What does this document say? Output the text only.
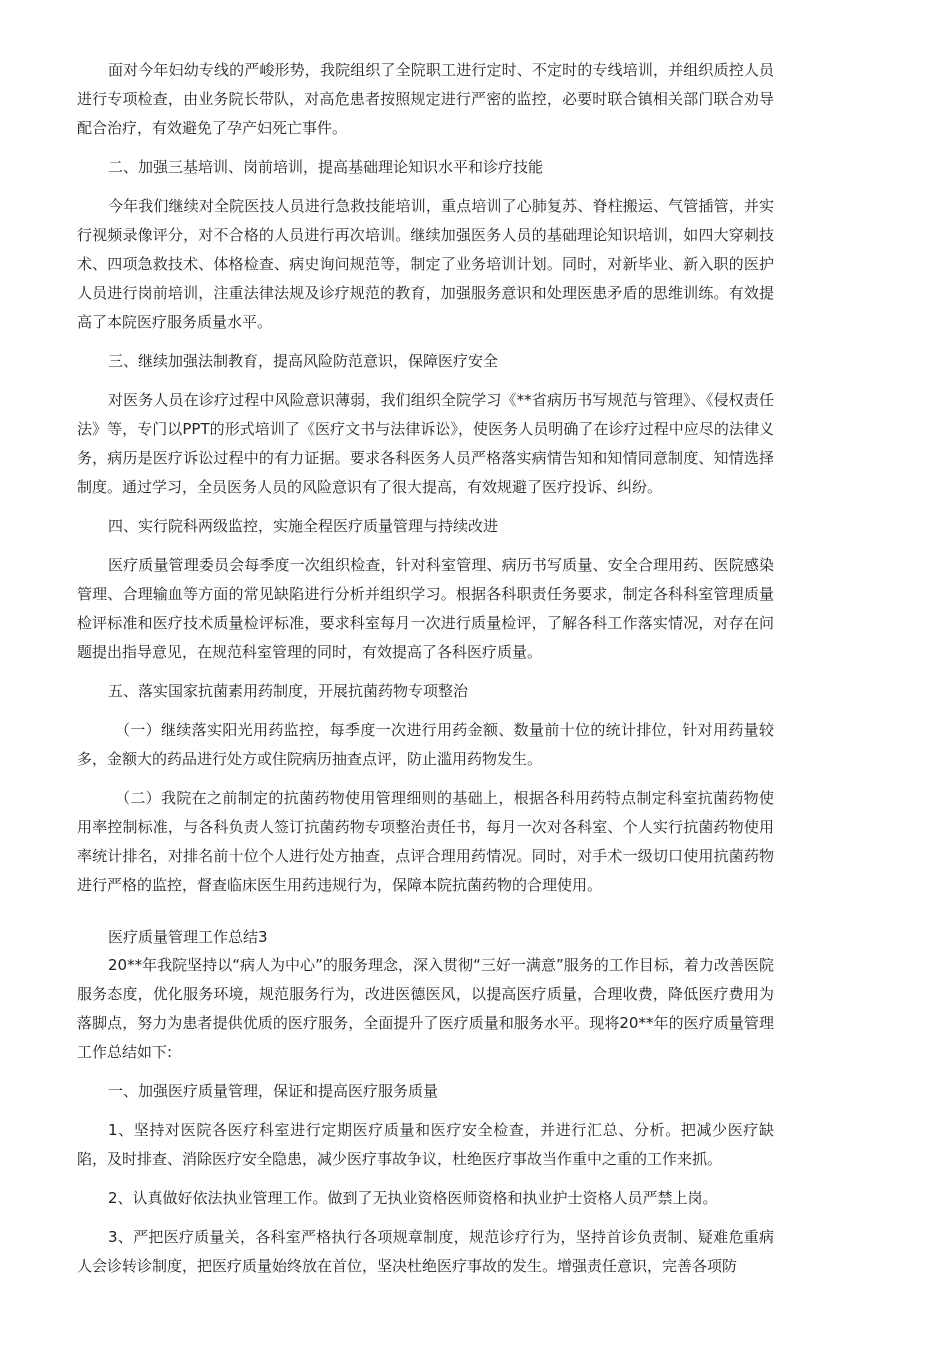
面对今年妇幼专线的严峻形势，我院组织了全院职工进行定时、不定时的专线培训，并组织质控人员进行专项检查，由业务院长带队，对高危患者按照规定进行严密的监控，必要时联合镇相关部门联合劝导配合治疗，有效避免了孕产妇死亡事件。

二、加强三基培训、岗前培训，提高基础理论知识水平和诊疗技能

今年我们继续对全院医技人员进行急救技能培训，重点培训了心肺复苏、脊柱搬运、气管插管，并实行视频录像评分，对不合格的人员进行再次培训。继续加强医务人员的基础理论知识培训，如四大穿刺技术、四项急救技术、体格检查、病史询问规范等，制定了业务培训计划。同时，对新毕业、新入职的医护人员进行岗前培训，注重法律法规及诊疗规范的教育，加强服务意识和处理医患矛盾的思维训练。有效提高了本院医疗服务质量水平。

三、继续加强法制教育，提高风险防范意识，保障医疗安全

对医务人员在诊疗过程中风险意识薄弱，我们组织全院学习《**省病历书写规范与管理》、《侵权责任法》等，专门以PPT的形式培训了《医疗文书与法律诉讼》，使医务人员明确了在诊疗过程中应尽的法律义务，病历是医疗诉讼过程中的有力证据。要求各科医务人员严格落实病情告知和知情同意制度、知情选择制度。通过学习，全员医务人员的风险意识有了很大提高，有效规避了医疗投诉、纠纷。

四、实行院科两级监控，实施全程医疗质量管理与持续改进

医疗质量管理委员会每季度一次组织检查，针对科室管理、病历书写质量、安全合理用药、医院感染管理、合理输血等方面的常见缺陷进行分析并组织学习。根据各科职责任务要求，制定各科科室管理质量检评标准和医疗技术质量检评标准，要求科室每月一次进行质量检评，了解各科工作落实情况，对存在问题提出指导意见，在规范科室管理的同时，有效提高了各科医疗质量。

五、落实国家抗菌素用药制度，开展抗菌药物专项整治

（一）继续落实阳光用药监控，每季度一次进行用药金额、数量前十位的统计排位，针对用药量较多，金额大的药品进行处方或住院病历抽查点评，防止滥用药物发生。

（二）我院在之前制定的抗菌药物使用管理细则的基础上，根据各科用药特点制定科室抗菌药物使用率控制标准，与各科负责人签订抗菌药物专项整治责任书，每月一次对各科室、个人实行抗菌药物使用率统计排名，对排名前十位个人进行处方抽查，点评合理用药情况。同时，对手术一级切口使用抗菌药物进行严格的监控，督查临床医生用药违规行为，保障本院抗菌药物的合理使用。

医疗质量管理工作总结3

20**年我院坚持以“病人为中心”的服务理念，深入贯彻“三好一满意”服务的工作目标，着力改善医院服务态度，优化服务环境，规范服务行为，改进医德医风，以提高医疗质量，合理收费，降低医疗费用为落脚点，努力为患者提供优质的医疗服务，全面提升了医疗质量和服务水平。现将20**年的医疗质量管理工作总结如下:

一、加强医疗质量管理，保证和提高医疗服务质量

1、坚持对医院各医疗科室进行定期医疗质量和医疗安全检查，并进行汇总、分析。把减少医疗缺陷，及时排查、消除医疗安全隐患，减少医疗事故争议，杜绝医疗事故当作重中之重的工作来抓。

2、认真做好依法执业管理工作。做到了无执业资格医师资格和执业护士资格人员严禁上岗。

3、严把医疗质量关，各科室严格执行各项规章制度，规范诊疗行为，坚持首诊负责制、疑难危重病人会诊转诊制度，把医疗质量始终放在首位，坚决杜绝医疗事故的发生。增强责任意识，完善各项防
